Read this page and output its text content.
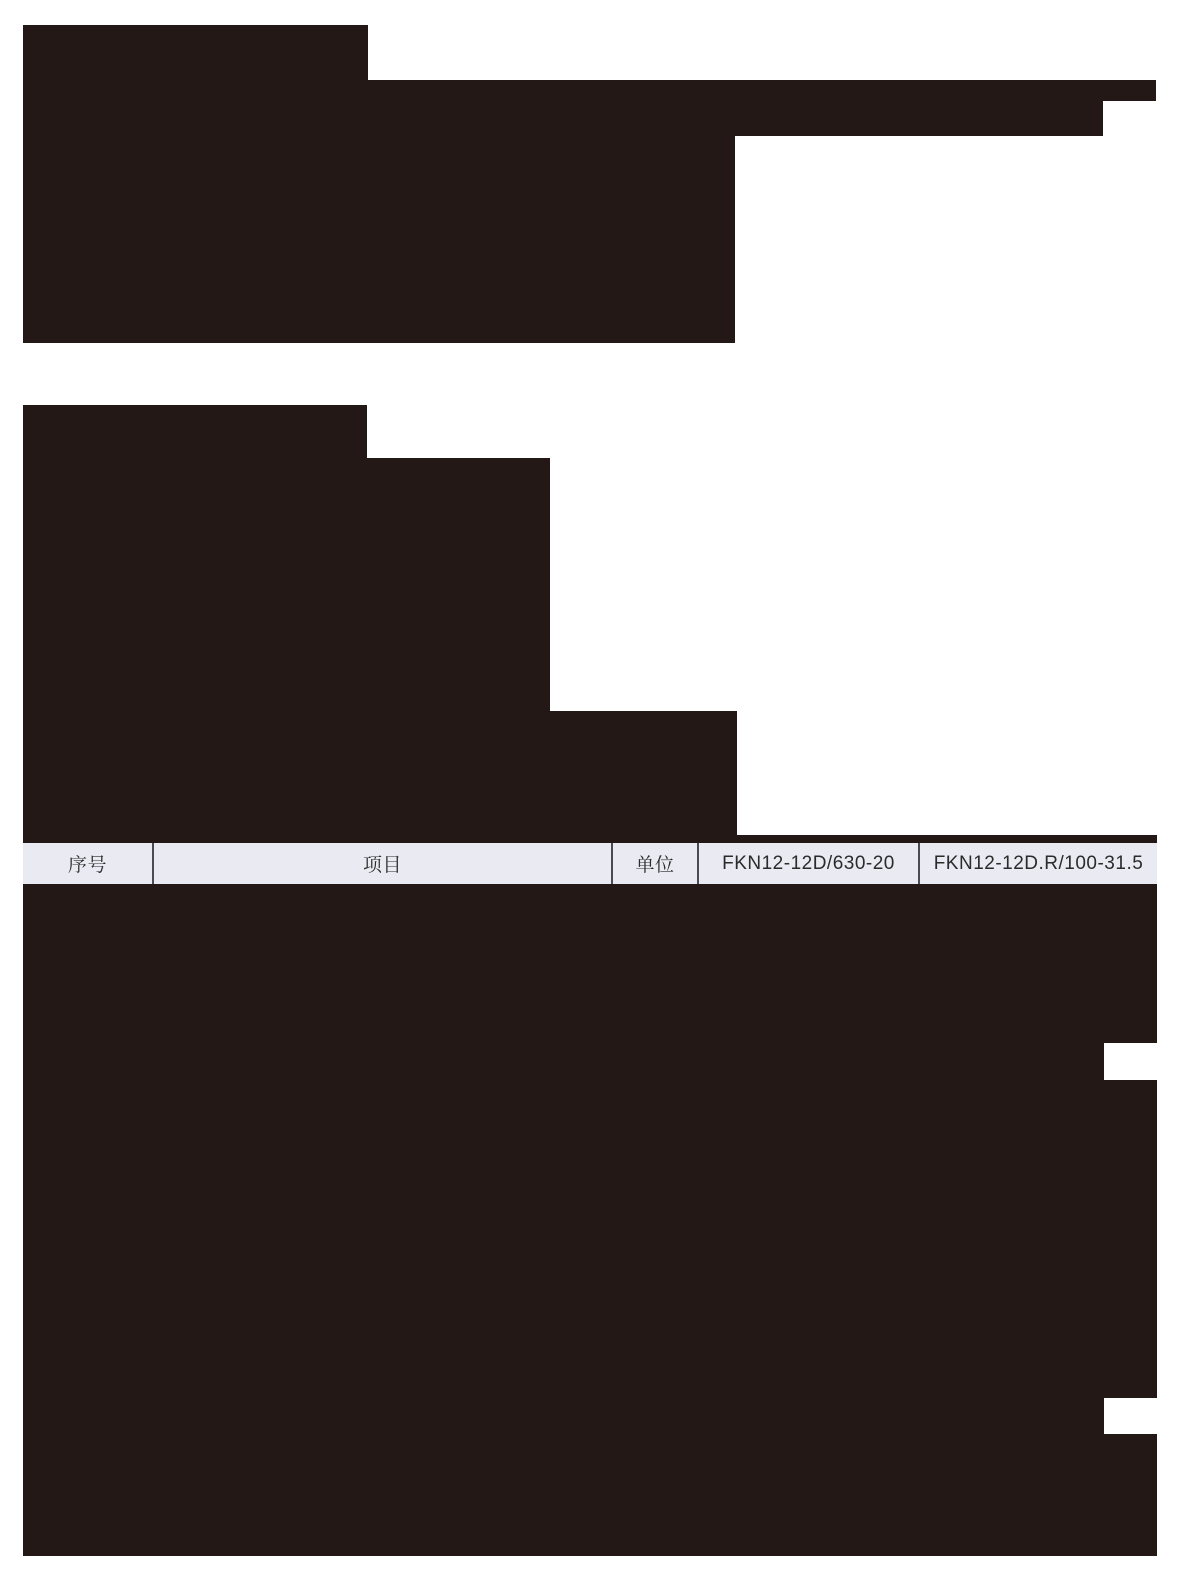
序号	项目	单位	FKN12-12D/630-20	FKN12-12D.R/100-31.5
